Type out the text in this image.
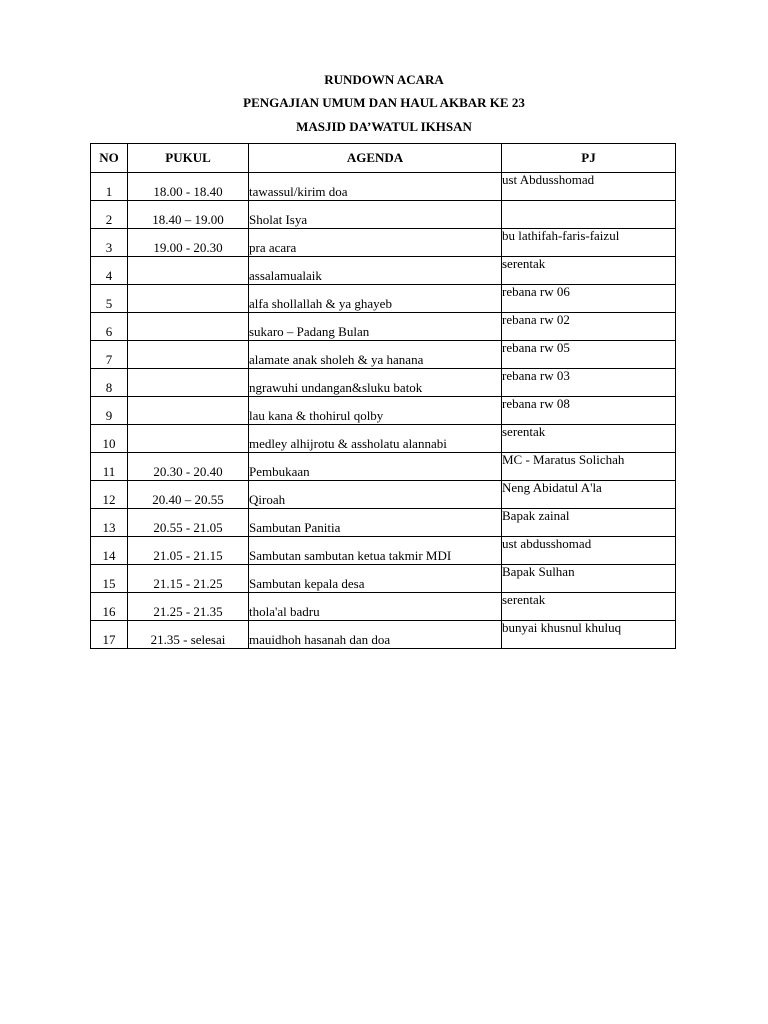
RUNDOWN ACARA
PENGAJIAN UMUM DAN HAUL AKBAR KE 23
MASJID DA’WATUL IKHSAN
NO	PUKUL	AGENDA	PJ
1	18.00 - 18.40	tawassul/kirim doa	ust Abdusshomad
2	18.40 – 19.00	Sholat Isya	
3	19.00 - 20.30	pra acara	bu lathifah-faris-faizul
4		assalamualaik	serentak
5		alfa shollallah & ya ghayeb	rebana rw 06
6		sukaro – Padang Bulan	rebana rw 02
7		alamate anak sholeh & ya hanana	rebana rw 05
8		ngrawuhi undangan&sluku batok	rebana rw 03
9		lau kana & thohirul qolby	rebana rw 08
10		medley alhijrotu & assholatu alannabi	serentak
11	20.30 - 20.40	Pembukaan	MC - Maratus Solichah
12	20.40 – 20.55	Qiroah	Neng Abidatul A'la
13	20.55 - 21.05	Sambutan Panitia	Bapak zainal
14	21.05 - 21.15	Sambutan sambutan ketua takmir MDI	ust abdusshomad
15	21.15 - 21.25	Sambutan kepala desa	Bapak Sulhan
16	21.25 - 21.35	thola'al badru	serentak
17	21.35 - selesai	mauidhoh hasanah dan doa	bunyai khusnul khuluq
